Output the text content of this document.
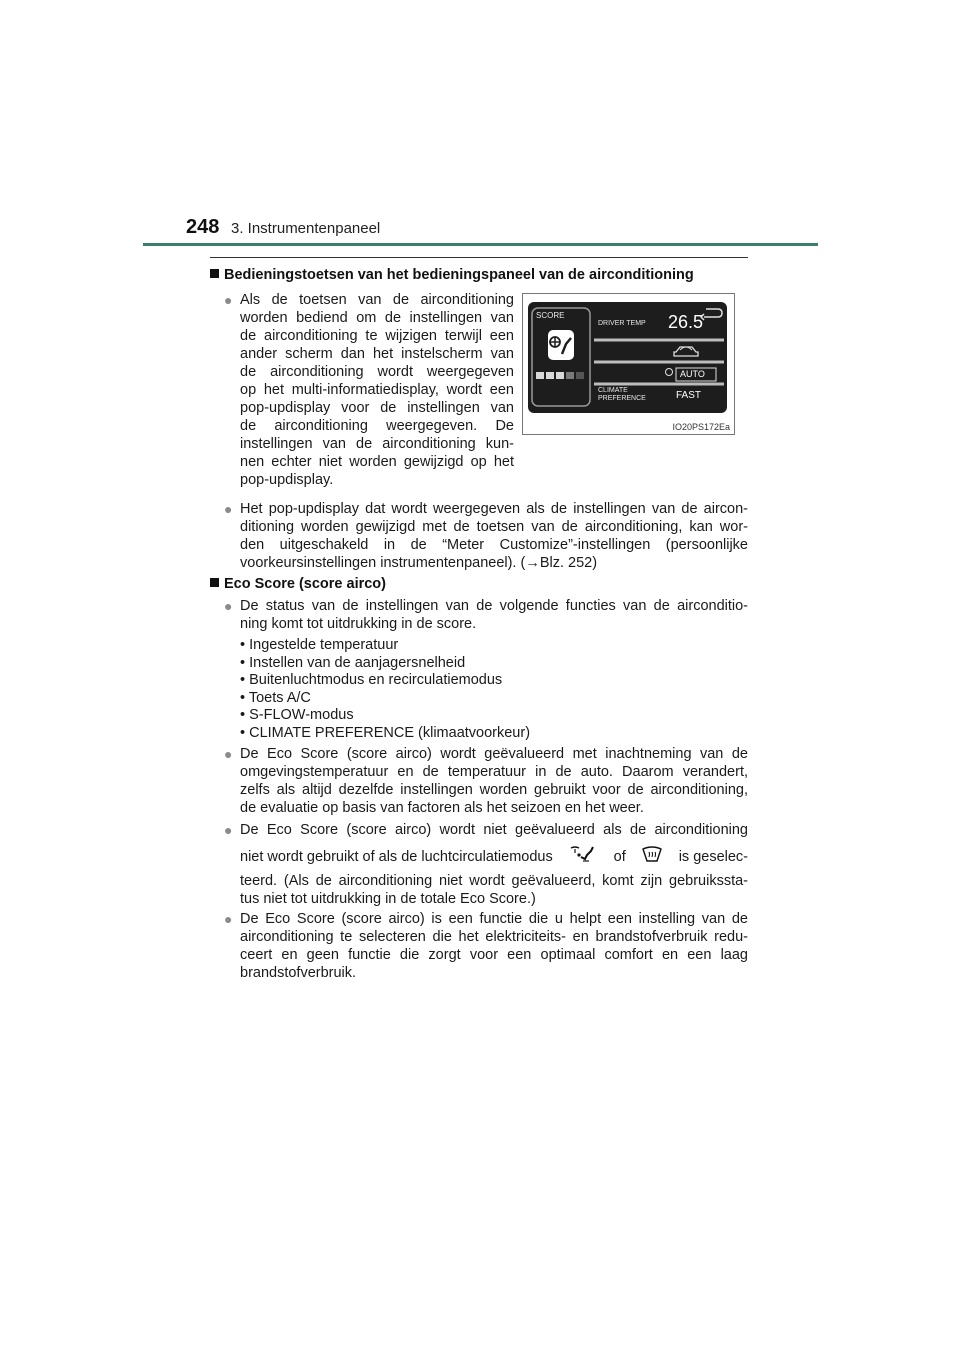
248 3. Instrumentenpaneel
Bedieningstoetsen van het bedieningspaneel van de airconditioning
● Als de toetsen van de airconditioning
worden bediend om de instellingen van
de airconditioning te wijzigen terwijl een
ander scherm dan het instelscherm van
de airconditioning wordt weergegeven
op het multi-informatiedisplay, wordt een
pop-updisplay voor de instellingen van
de airconditioning weergegeven. De
instellingen van de airconditioning kun-
nen echter niet worden gewijzigd op het
pop-updisplay.
SCORE
DRIVER TEMP 26.5
AUTO
CLIMATE
PREFERENCE	FAST
IO20PS172Ea
● Het pop-updisplay dat wordt weergegeven als de instellingen van de aircon-
ditioning worden gewijzigd met de toetsen van de airconditioning, kan wor-
den uitgeschakeld in de “Meter Customize”-instellingen (persoonlijke
voorkeursinstellingen instrumentenpaneel). (→Blz. 252)
Eco Score (score airco)
● De status van de instellingen van de volgende functies van de airconditio-
ning komt tot uitdrukking in de score.
• Ingestelde temperatuur
• Instellen van de aanjagersnelheid
• Buitenluchtmodus en recirculatiemodus
• Toets A/C
• S-FLOW-modus
• CLIMATE PREFERENCE (klimaatvoorkeur)
● De Eco Score (score airco) wordt geëvalueerd met inachtneming van de
omgevingstemperatuur en de temperatuur in de auto. Daarom verandert,
zelfs als altijd dezelfde instellingen worden gebruikt voor de airconditioning,
de evaluatie op basis van factoren als het seizoen en het weer.
● De Eco Score (score airco) wordt niet geëvalueerd als de airconditioning
niet wordt gebruikt of als de luchtcirculatiemodus	of	is geselec-
teerd. (Als de airconditioning niet wordt geëvalueerd, komt zijn gebruikssta-
tus niet tot uitdrukking in de totale Eco Score.)
● De Eco Score (score airco) is een functie die u helpt een instelling van de
airconditioning te selecteren die het elektriciteits- en brandstofverbruik redu-
ceert en geen functie die zorgt voor een optimaal comfort en een laag
brandstofverbruik.
